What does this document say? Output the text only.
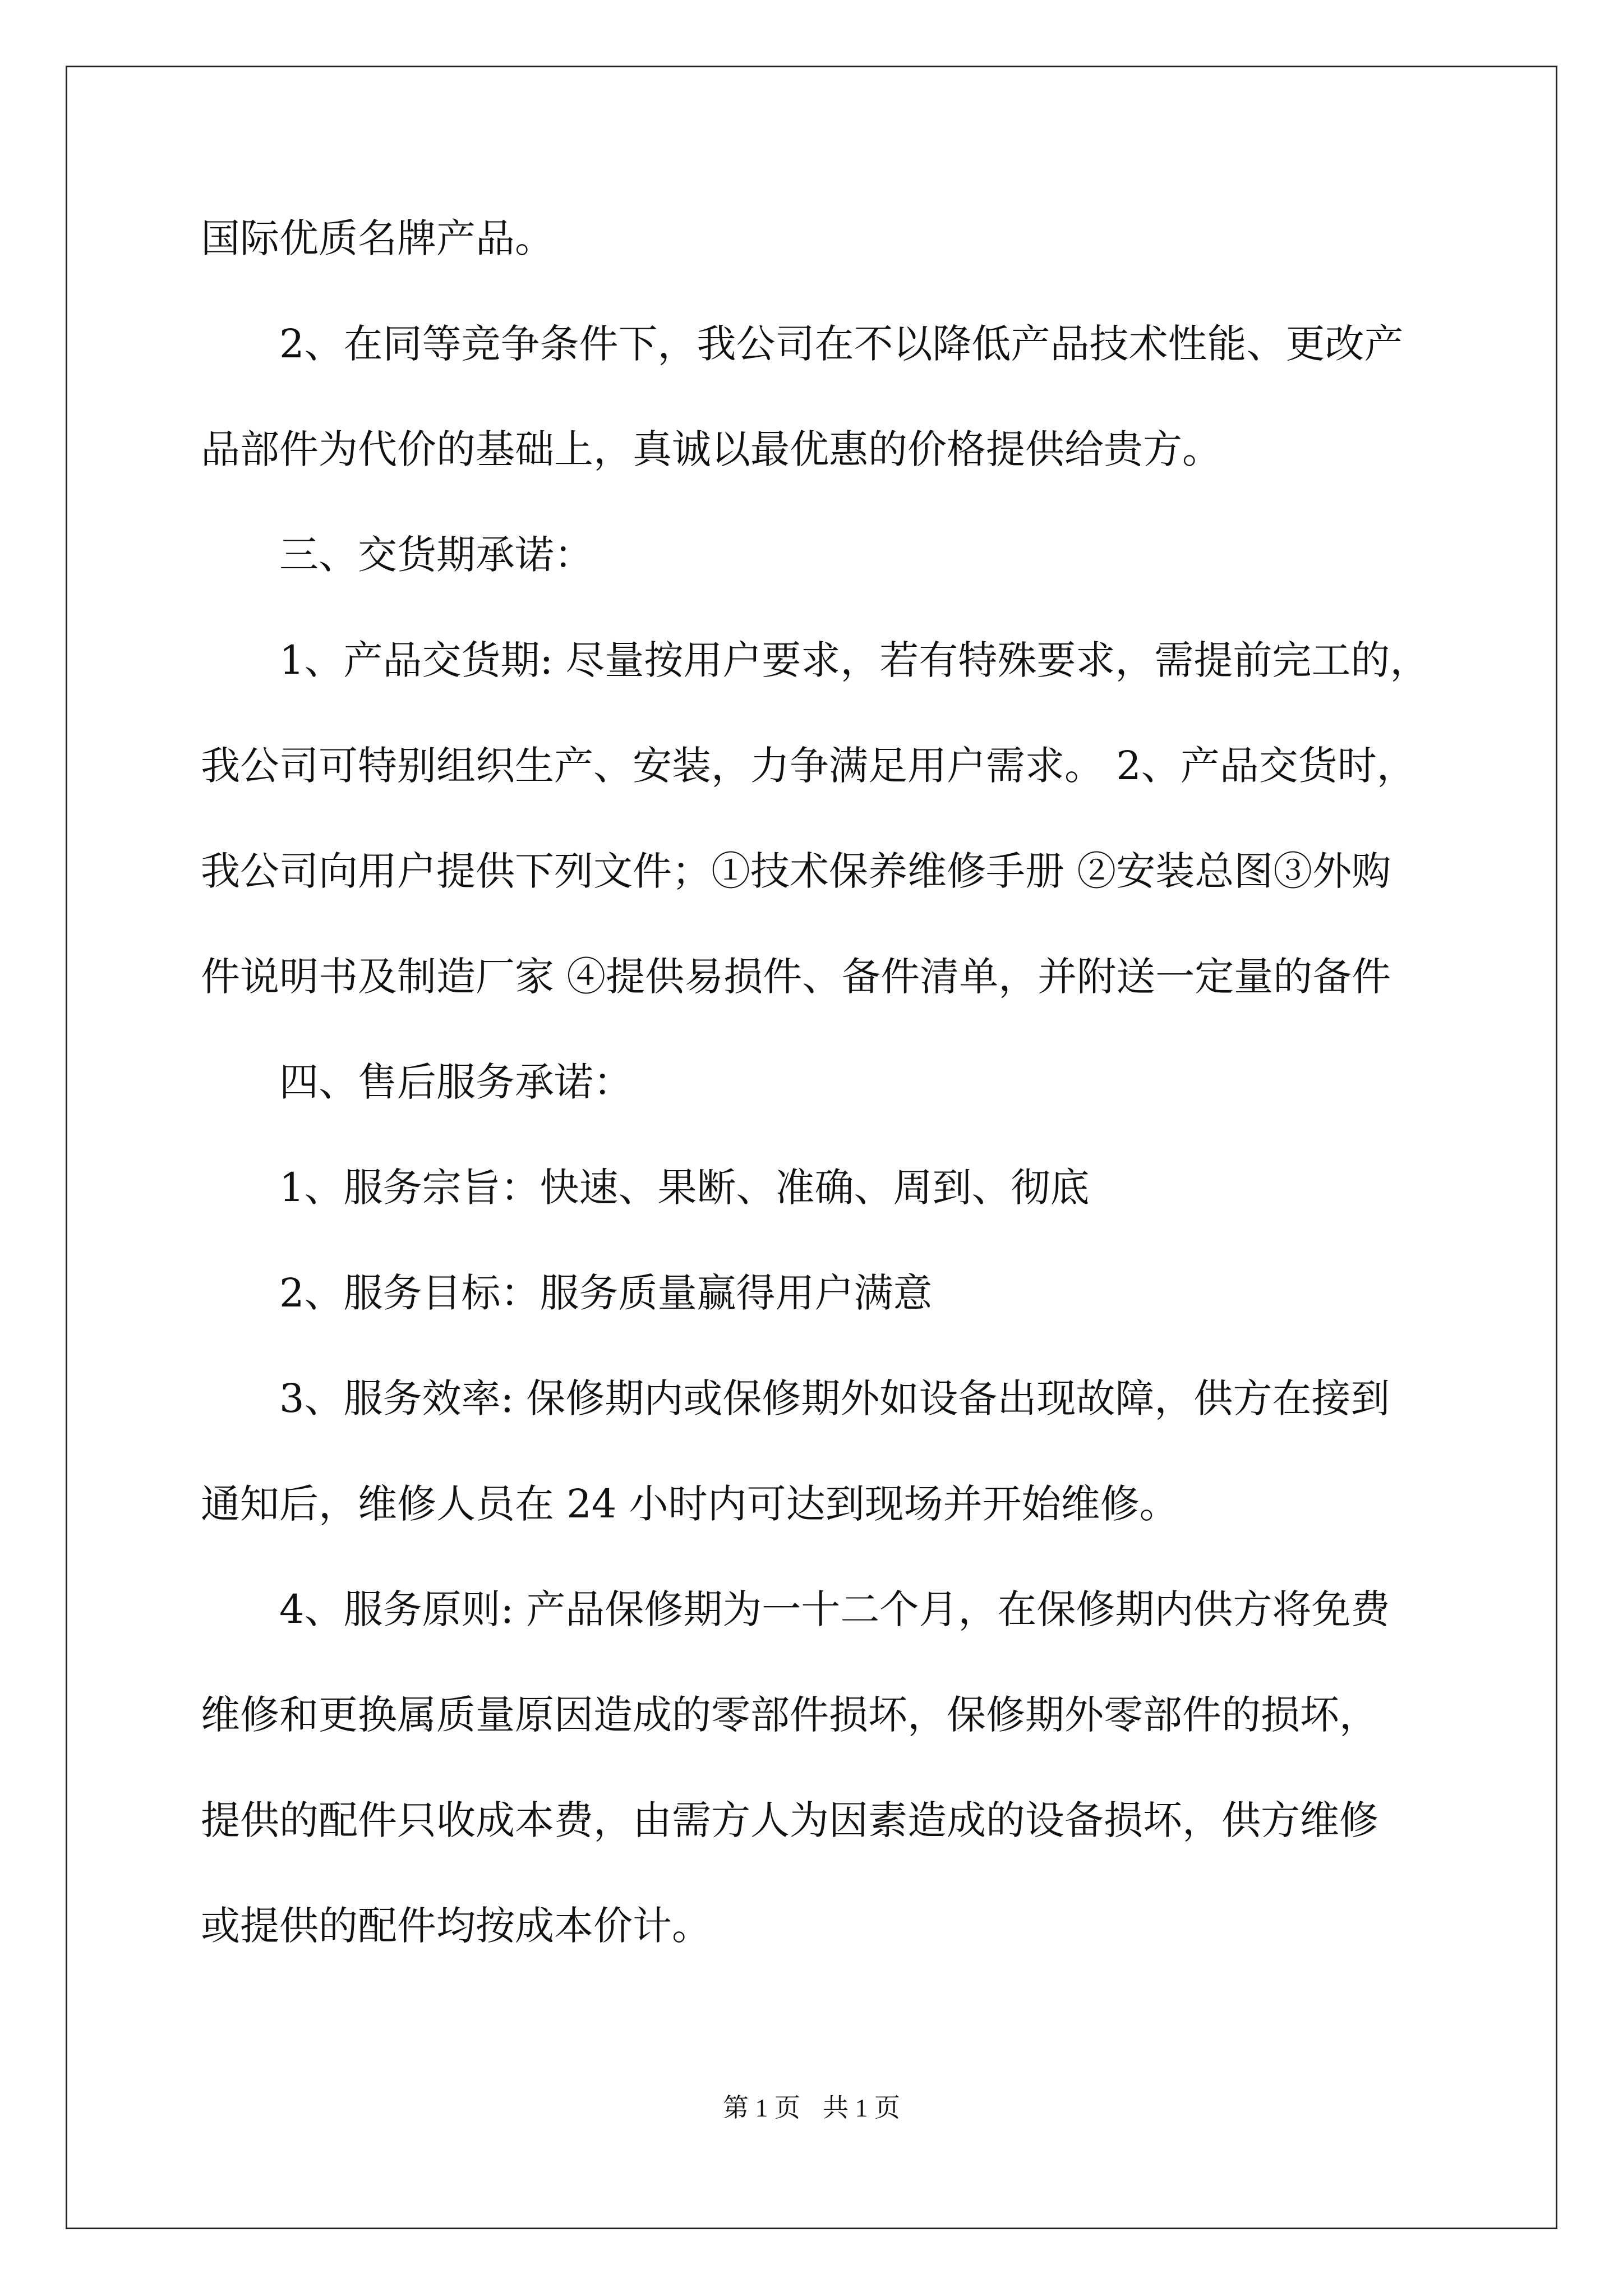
国际优质名牌产品。
2、在同等竞争条件下，我公司在不以降低产品技术性能、更改产
品部件为代价的基础上，真诚以最优惠的价格提供给贵方。
三、交货期承诺：
1、产品交货期: 尽量按用户要求，若有特殊要求，需提前完工的，
我公司可特别组织生产、安装，力争满足用户需求。 2、产品交货时，
我公司向用户提供下列文件；①技术保养维修手册 ②安装总图③外购
件说明书及制造厂家 ④提供易损件、备件清单，并附送一定量的备件
四、售后服务承诺：
1、服务宗旨：快速、果断、准确、周到、彻底
2、服务目标：服务质量赢得用户满意
3、服务效率: 保修期内或保修期外如设备出现故障，供方在接到
通知后，维修人员在 24 小时内可达到现场并开始维修。
4、服务原则: 产品保修期为一十二个月，在保修期内供方将免费
维修和更换属质量原因造成的零部件损坏，保修期外零部件的损坏，
提供的配件只收成本费，由需方人为因素造成的设备损坏，供方维修
或提供的配件均按成本价计。
第 1 页 共 1 页
